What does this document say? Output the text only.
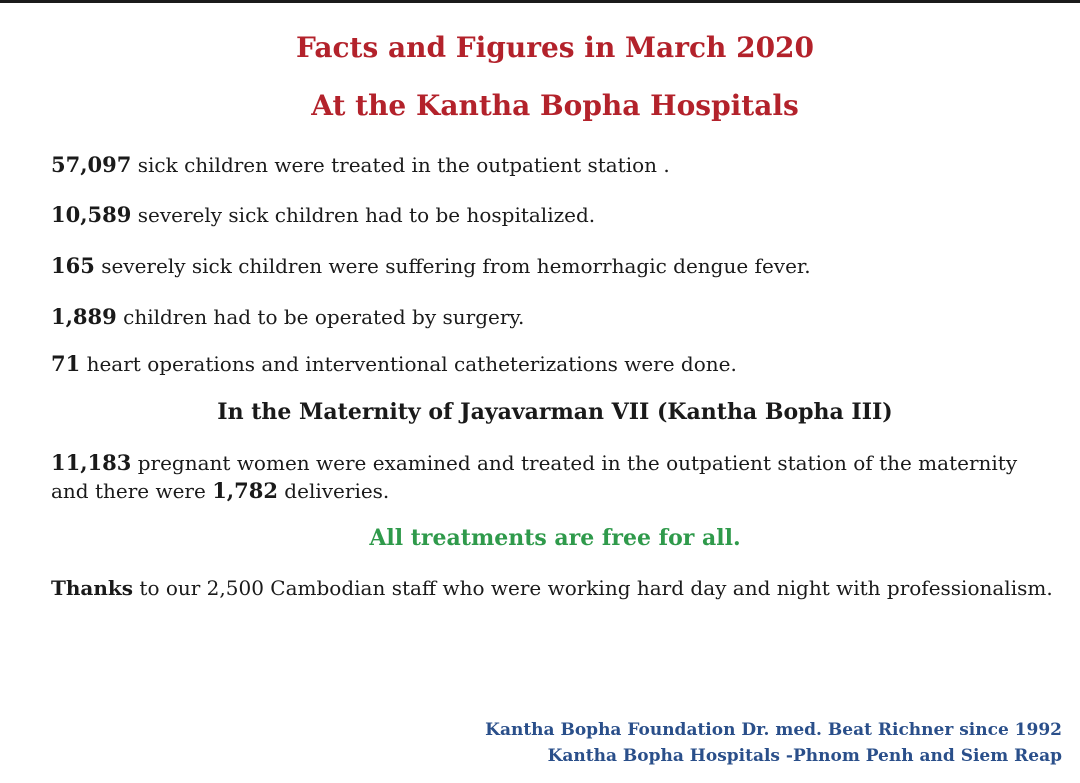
Facts and Figures in March 2020
At the Kantha Bopha Hospitals
57,097 sick children were treated in the outpatient station .
10,589 severely sick children had to be hospitalized.
165 severely sick children were suffering from hemorrhagic dengue fever.
1,889 children had to be operated by surgery.
71 heart operations and interventional catheterizations were done.
In the Maternity of Jayavarman VII (Kantha Bopha III)
11,183 pregnant women were examined and treated in the outpatient station of the maternity and there were 1,782 deliveries.
All treatments are free for all.
Thanks to our 2,500 Cambodian staff who were working hard day and night with professionalism.
Kantha Bopha Foundation Dr. med. Beat Richner since 1992
Kantha Bopha Hospitals -Phnom Penh and Siem Reap
